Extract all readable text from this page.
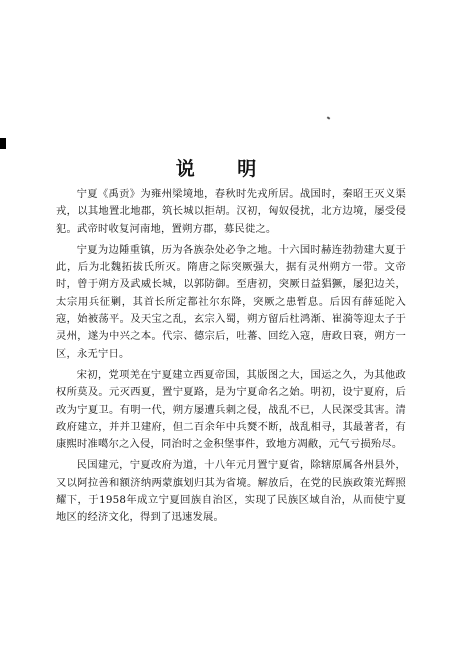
说 明

宁夏《禹贡》为雍州梁境地，春秋时先戎所居。战国时，秦昭王灭义渠戎，以其地置北地郡，筑长城以拒胡。汉初，匈奴侵扰，北方边境，屡受侵犯。武帝时收复河南地，置朔方郡，募民徙之。

宁夏为边陲重镇，历为各族杂处必争之地。十六国时赫连勃勃建大夏于此，后为北魏拓拔氏所灭。隋唐之际突厥强大，据有灵州朔方一带。文帝时，曾于朔方及武威长城，以郭防御。至唐初，突厥日益猖獗，屡犯边关，太宗用兵征剿，其首长所定都社尔东降，突厥之患暂息。后因有薛延陀入寇，始被荡平。及天宝之乱，玄宗入蜀，朔方留后杜鸿渐、崔漪等迎太子于灵州，遂为中兴之本。代宗、德宗后，吐蕃、回纥入寇，唐政日衰，朔方一区，永无宁日。

宋初，党项羌在宁夏建立西夏帝国，其版图之大，国运之久，为其他政权所莫及。元灭西夏，置宁夏路，是为宁夏命名之始。明初，设宁夏府，后改为宁夏卫。有明一代，朔方屡遭兵刺之侵，战乱不已，人民深受其害。清政府建立，并并卫建府，但二百余年中兵燹不断，战乱相寻，其最著者，有康熙时准噶尔之入侵，同治时之金积堡事件，致地方凋敝，元气亏损殆尽。

民国建元，宁夏改府为道，十八年元月置宁夏省，除辖原属各州县外，又以阿拉善和额济纳两蒙旗划归其为省境。解放后，在党的民族政策光辉照耀下，于1958年成立宁夏回族自治区，实现了民族区域自治，从而使宁夏地区的经济文化，得到了迅速发展。
